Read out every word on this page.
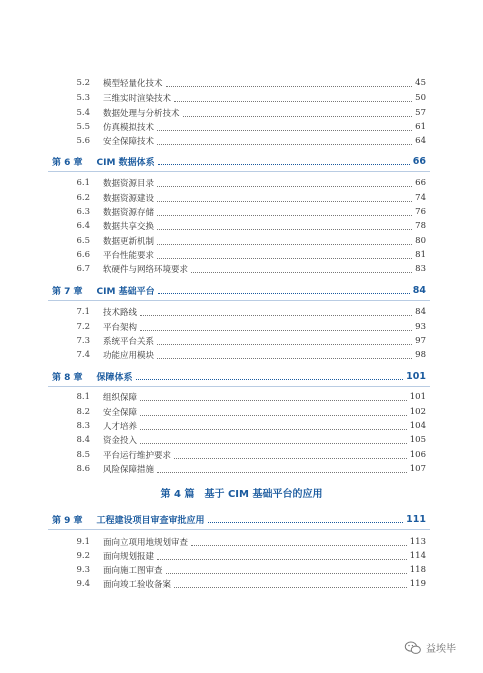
5.2	模型轻量化技术	45
5.3	三维实时渲染技术	50
5.4	数据处理与分析技术	57
5.5	仿真模拟技术	61
5.6	安全保障技术	64
第 6 章	CIM 数据体系	66
6.1	数据资源目录	66
6.2	数据资源建设	74
6.3	数据资源存储	76
6.4	数据共享交换	78
6.5	数据更新机制	80
6.6	平台性能要求	81
6.7	软硬件与网络环境要求	83
第 7 章	CIM 基础平台	84
7.1	技术路线	84
7.2	平台架构	93
7.3	系统平台关系	97
7.4	功能应用模块	98
第 8 章	保障体系	101
8.1	组织保障	101
8.2	安全保障	102
8.3	人才培养	104
8.4	资金投入	105
8.5	平台运行维护要求	106
8.6	风险保障措施	107
第 4 篇　基于 CIM 基础平台的应用
第 9 章	工程建设项目审查审批应用	111
9.1	面向立项用地规划审查	113
9.2	面向规划报建	114
9.3	面向施工图审查	118
9.4	面向竣工验收备案	119
益埃毕
